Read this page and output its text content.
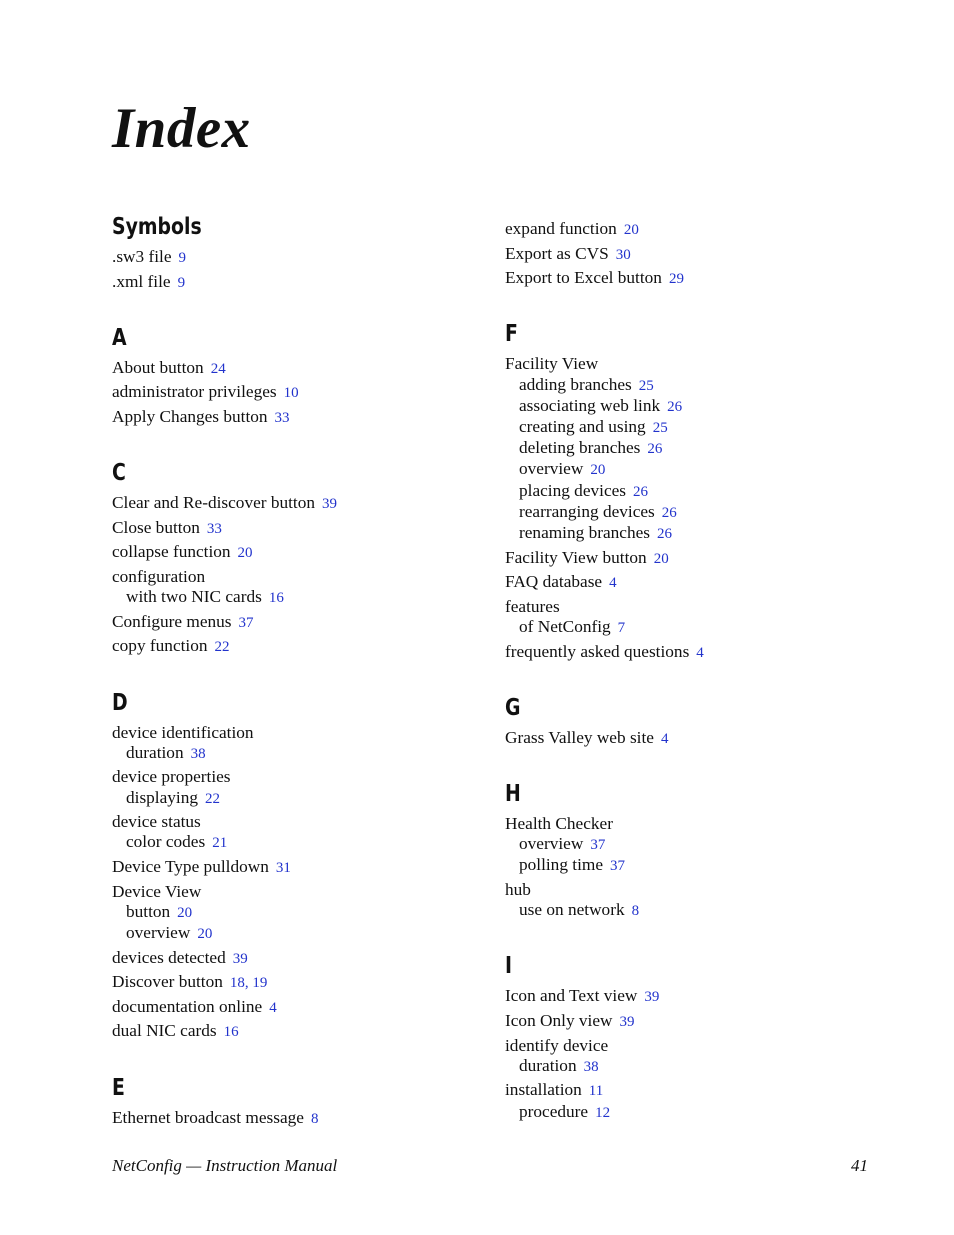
Index
Symbols
.sw3 file 9
.xml file 9
A
About button 24
administrator privileges 10
Apply Changes button 33
C
Clear and Re-discover button 39
Close button 33
collapse function 20
configuration
with two NIC cards 16
Configure menus 37
copy function 22
D
device identification
duration 38
device properties
displaying 22
device status
color codes 21
Device Type pulldown 31
Device View
button 20
overview 20
devices detected 39
Discover button 18, 19
documentation online 4
dual NIC cards 16
E
Ethernet broadcast message 8
expand function 20
Export as CVS 30
Export to Excel button 29
F
Facility View
adding branches 25
associating web link 26
creating and using 25
deleting branches 26
overview 20
placing devices 26
rearranging devices 26
renaming branches 26
Facility View button 20
FAQ database 4
features
of NetConfig 7
frequently asked questions 4
G
Grass Valley web site 4
H
Health Checker
overview 37
polling time 37
hub
use on network 8
I
Icon and Text view 39
Icon Only view 39
identify device
duration 38
installation 11
procedure 12
NetConfig — Instruction Manual	41
